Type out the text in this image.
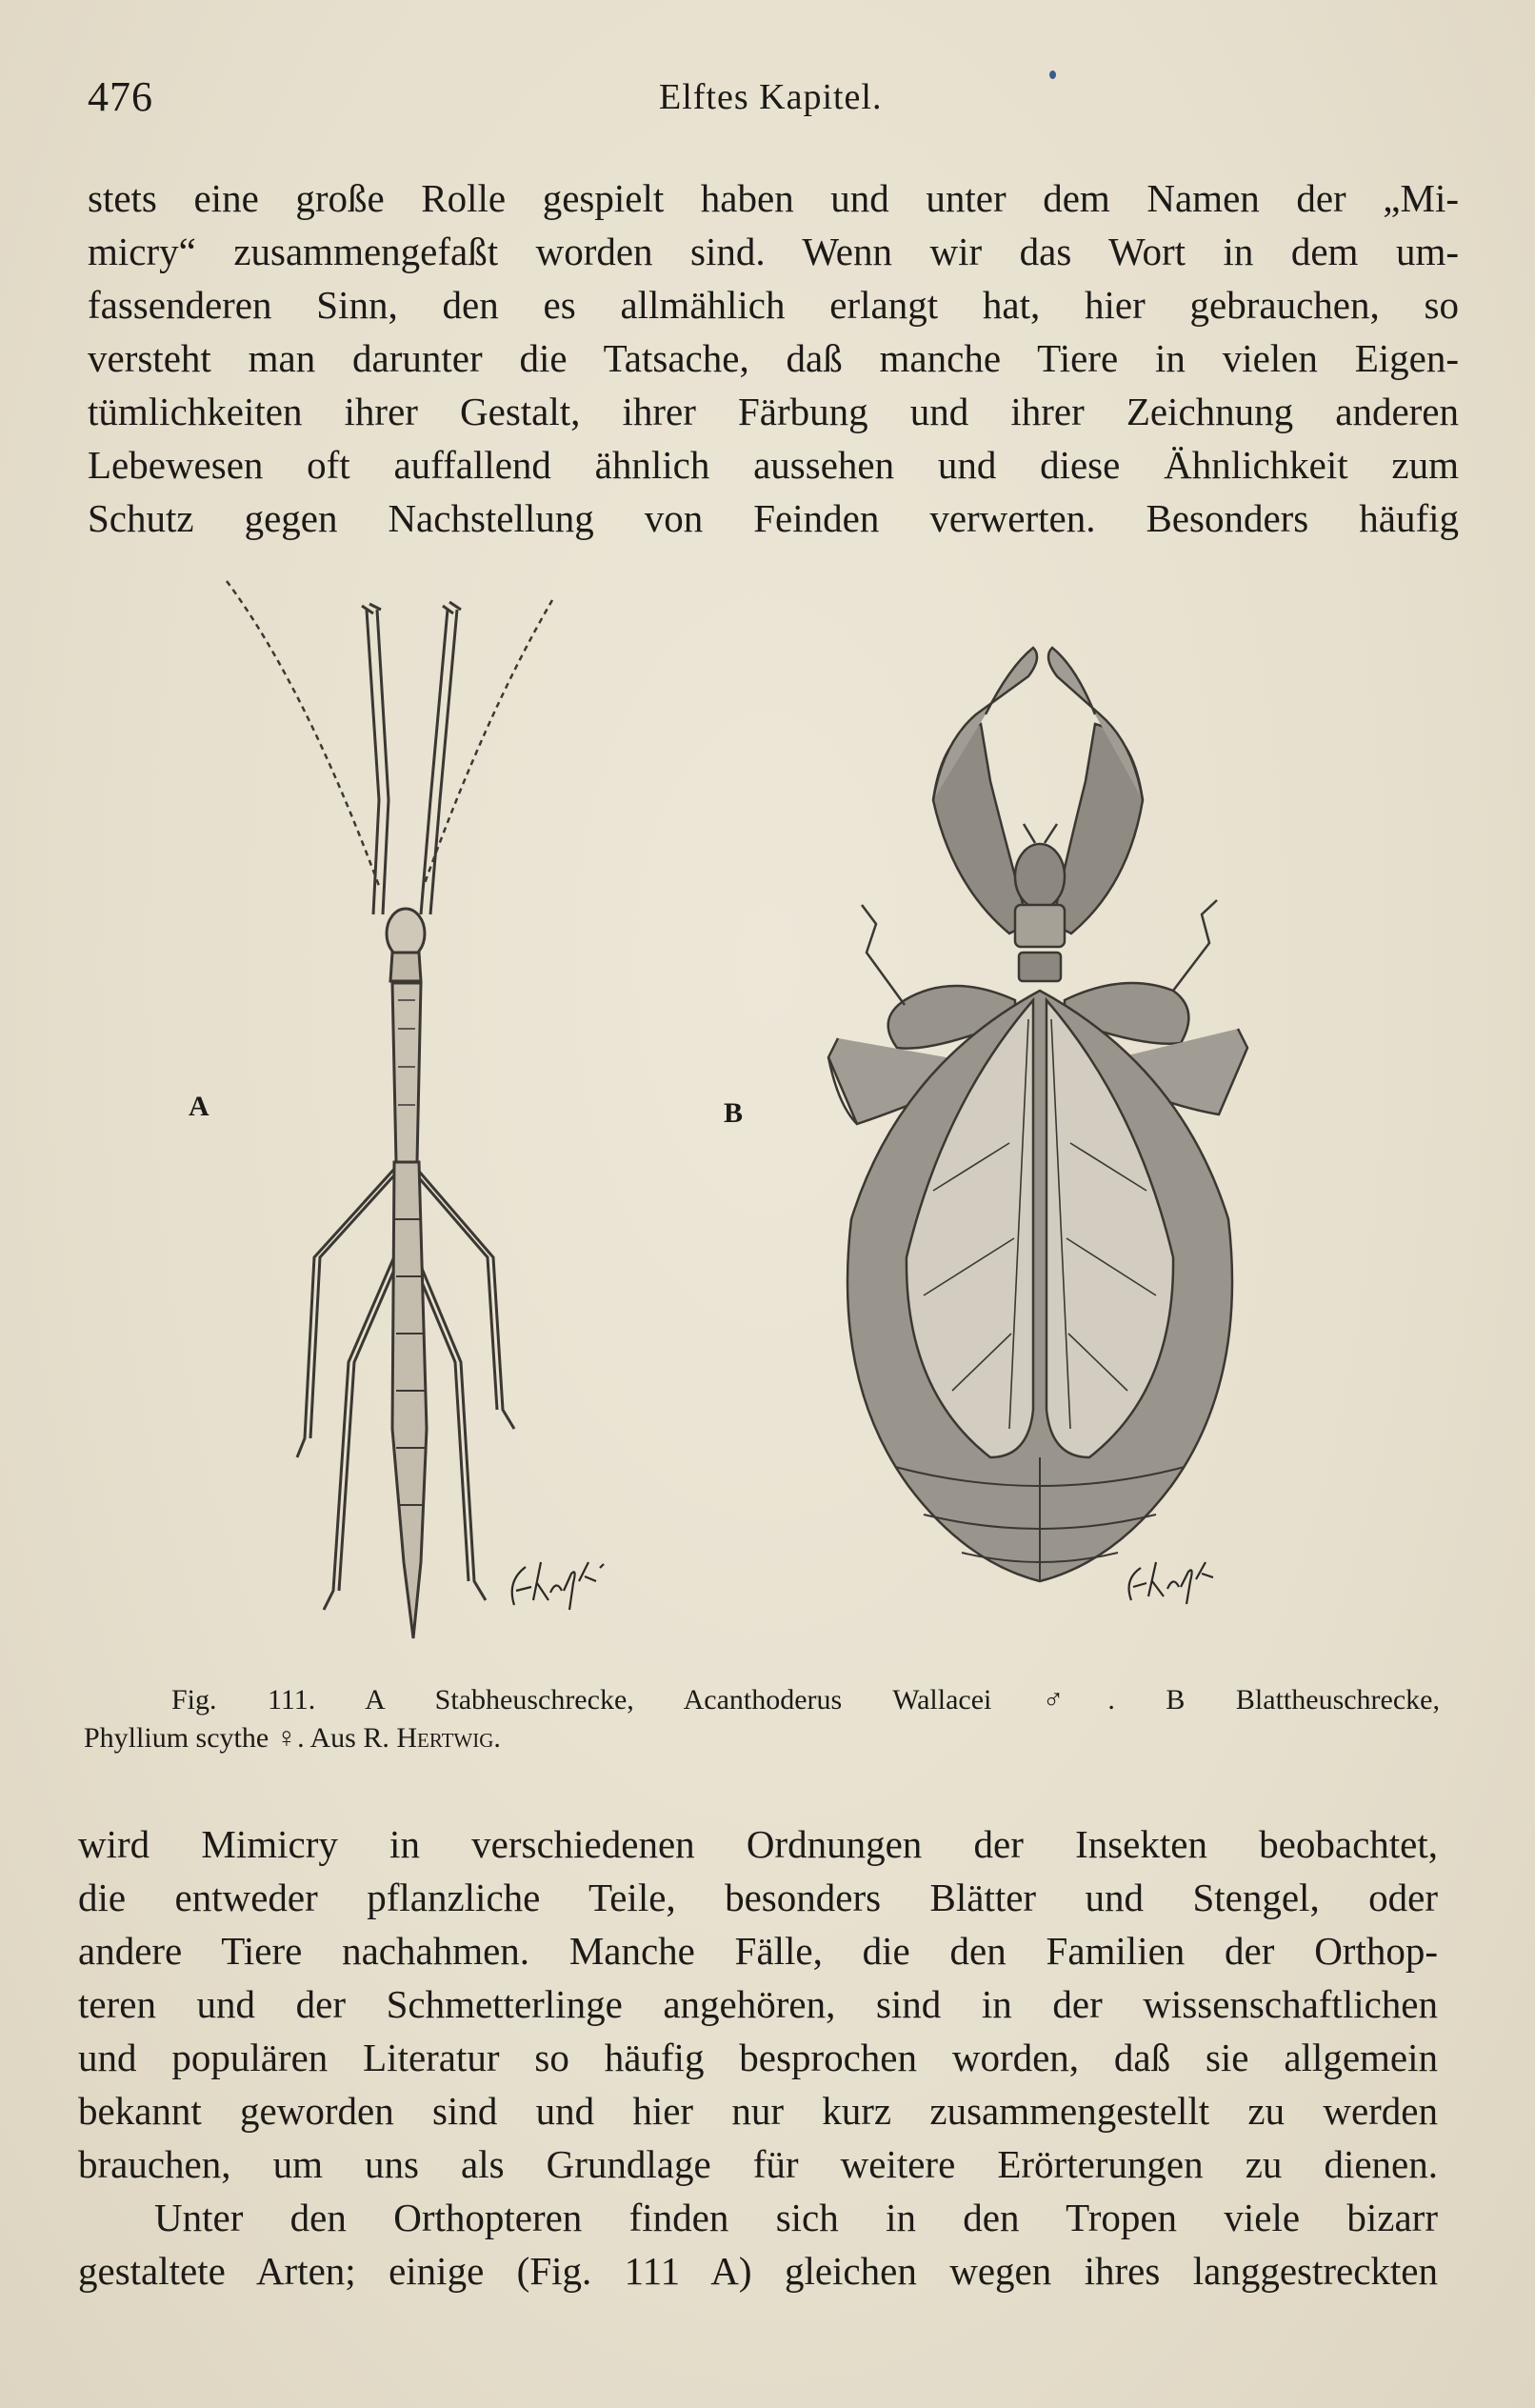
476	Elftes Kapitel.
stets eine große Rolle gespielt haben und unter dem Namen der „Mi-
micry“ zusammengefaßt worden sind. Wenn wir das Wort in dem um-
fassenderen Sinn, den es allmählich erlangt hat, hier gebrauchen, so
versteht man darunter die Tatsache, daß manche Tiere in vielen Eigen-
tümlichkeiten ihrer Gestalt, ihrer Färbung und ihrer Zeichnung anderen
Lebewesen oft auffallend ähnlich aussehen und diese Ähnlichkeit zum
Schutz gegen Nachstellung von Feinden verwerten. Besonders häufig
A	B
Fig. 111. A Stabheuschrecke, Acanthoderus Wallacei ♂. B Blattheuschrecke,
Phyllium scythe ♀. Aus R. Hertwig.
wird Mimicry in verschiedenen Ordnungen der Insekten beobachtet,
die entweder pflanzliche Teile, besonders Blätter und Stengel, oder
andere Tiere nachahmen. Manche Fälle, die den Familien der Orthop-
teren und der Schmetterlinge angehören, sind in der wissenschaftlichen
und populären Literatur so häufig besprochen worden, daß sie allgemein
bekannt geworden sind und hier nur kurz zusammengestellt zu werden
brauchen, um uns als Grundlage für weitere Erörterungen zu dienen.
Unter den Orthopteren finden sich in den Tropen viele bizarr
gestaltete Arten; einige (Fig. 111 A) gleichen wegen ihres langgestreckten
